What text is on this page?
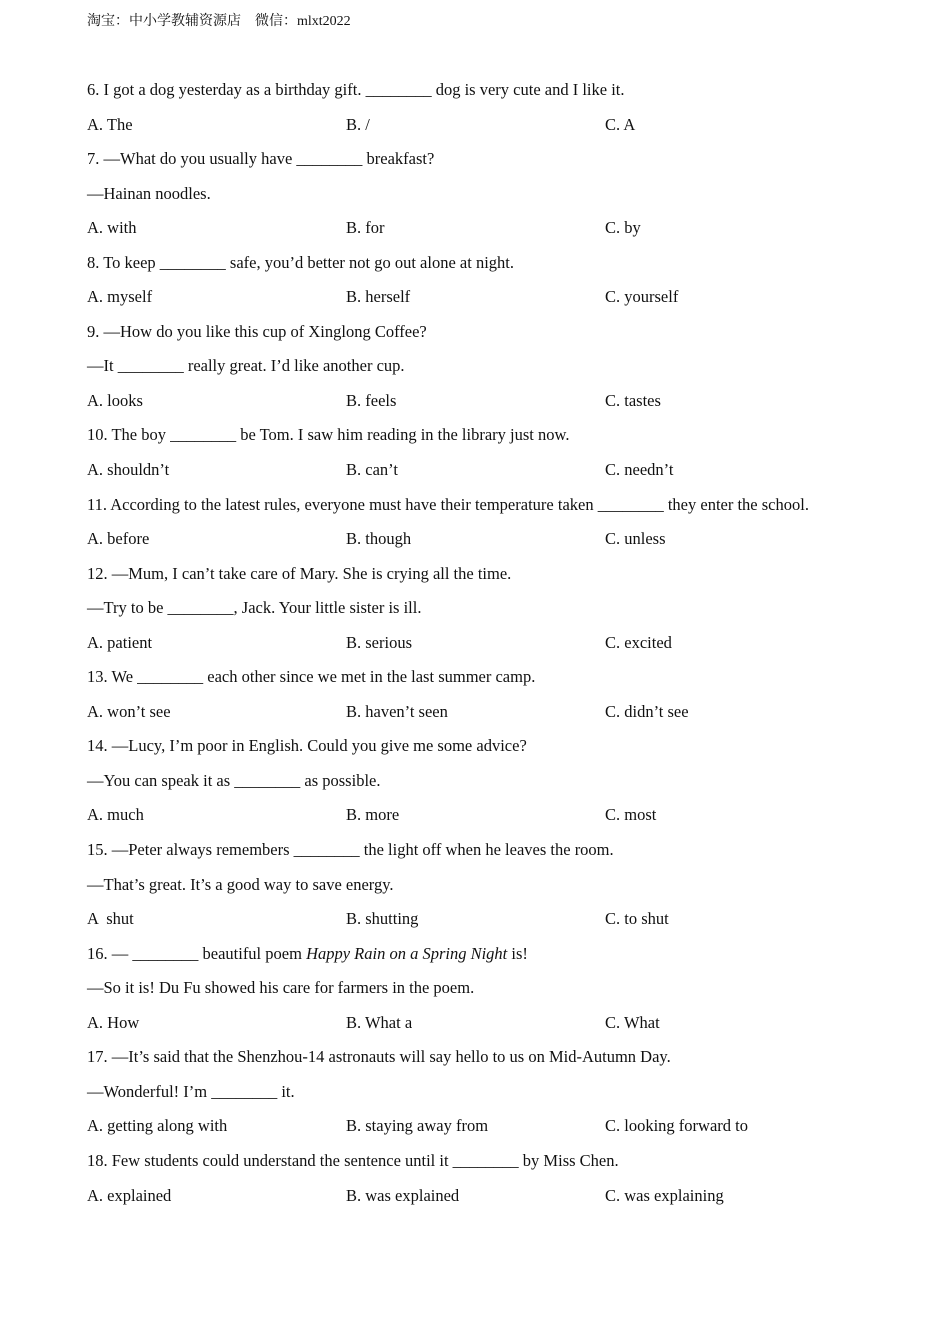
淘宝：中小学教辅资源店　微信：mlxt2022
6. I got a dog yesterday as a birthday gift. ________ dog is very cute and I like it.
A. The	B. /	C. A
7. —What do you usually have ________ breakfast?
—Hainan noodles.
A. with	B. for	C. by
8. To keep ________ safe, you’d better not go out alone at night.
A. myself	B. herself	C. yourself
9. —How do you like this cup of Xinglong Coffee?
—It ________ really great. I’d like another cup.
A. looks	B. feels	C. tastes
10. The boy ________ be Tom. I saw him reading in the library just now.
A. shouldn’t	B. can’t	C. needn’t
11. According to the latest rules, everyone must have their temperature taken ________ they enter the school.
A. before	B. though	C. unless
12. —Mum, I can’t take care of Mary. She is crying all the time.
—Try to be ________, Jack. Your little sister is ill.
A. patient	B. serious	C. excited
13. We ________ each other since we met in the last summer camp.
A. won’t see	B. haven’t seen	C. didn’t see
14. —Lucy, I’m poor in English. Could you give me some advice?
—You can speak it as ________ as possible.
A. much	B. more	C. most
15. —Peter always remembers ________ the light off when he leaves the room.
—That’s great. It’s a good way to save energy.
A  shut	B. shutting	C. to shut
16. — ________ beautiful poem Happy Rain on a Spring Night is!
—So it is! Du Fu showed his care for farmers in the poem.
A. How	B. What a	C. What
17. —It’s said that the Shenzhou-14 astronauts will say hello to us on Mid-Autumn Day.
—Wonderful! I’m ________ it.
A. getting along with	B. staying away from	C. looking forward to
18. Few students could understand the sentence until it ________ by Miss Chen.
A. explained	B. was explained	C. was explaining
